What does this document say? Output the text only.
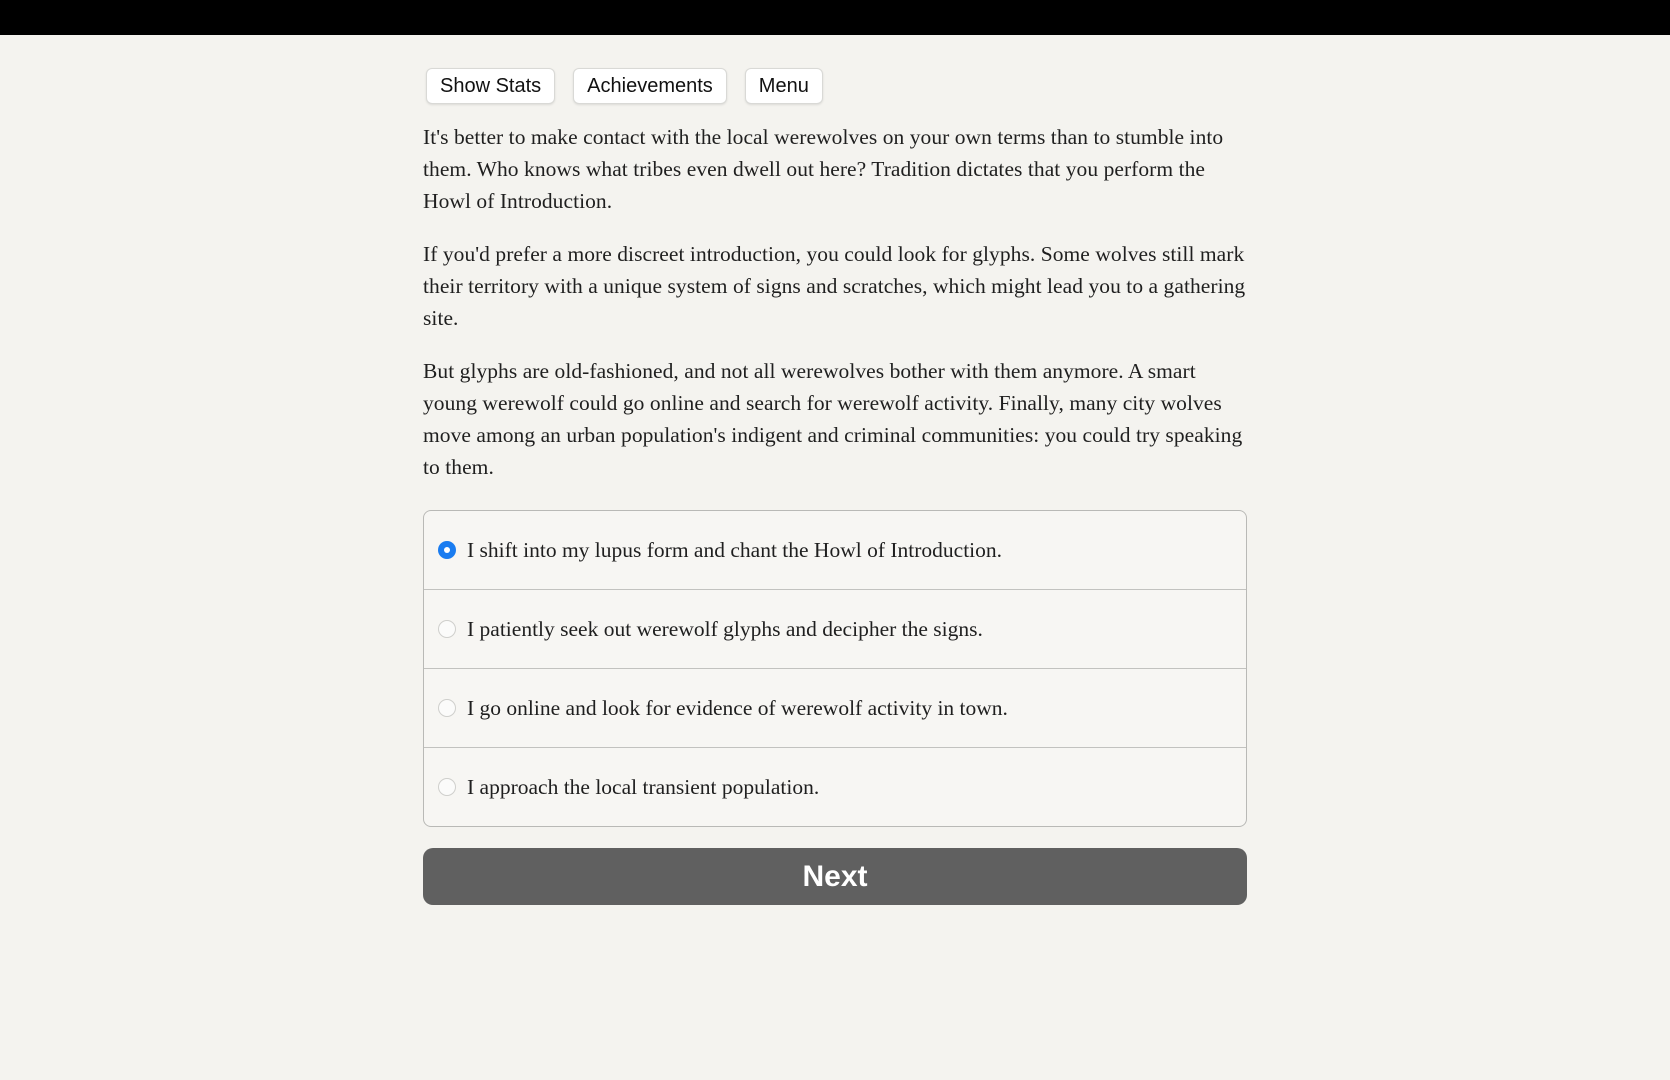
Show Stats	Achievements	Menu

It's better to make contact with the local werewolves on your own terms than to stumble into them. Who knows what tribes even dwell out here? Tradition dictates that you perform the Howl of Introduction.

If you'd prefer a more discreet introduction, you could look for glyphs. Some wolves still mark their territory with a unique system of signs and scratches, which might lead you to a gathering site.

But glyphs are old-fashioned, and not all werewolves bother with them anymore. A smart young werewolf could go online and search for werewolf activity. Finally, many city wolves move among an urban population's indigent and criminal communities: you could try speaking to them.

I shift into my lupus form and chant the Howl of Introduction.
I patiently seek out werewolf glyphs and decipher the signs.
I go online and look for evidence of werewolf activity in town.
I approach the local transient population.
Next
